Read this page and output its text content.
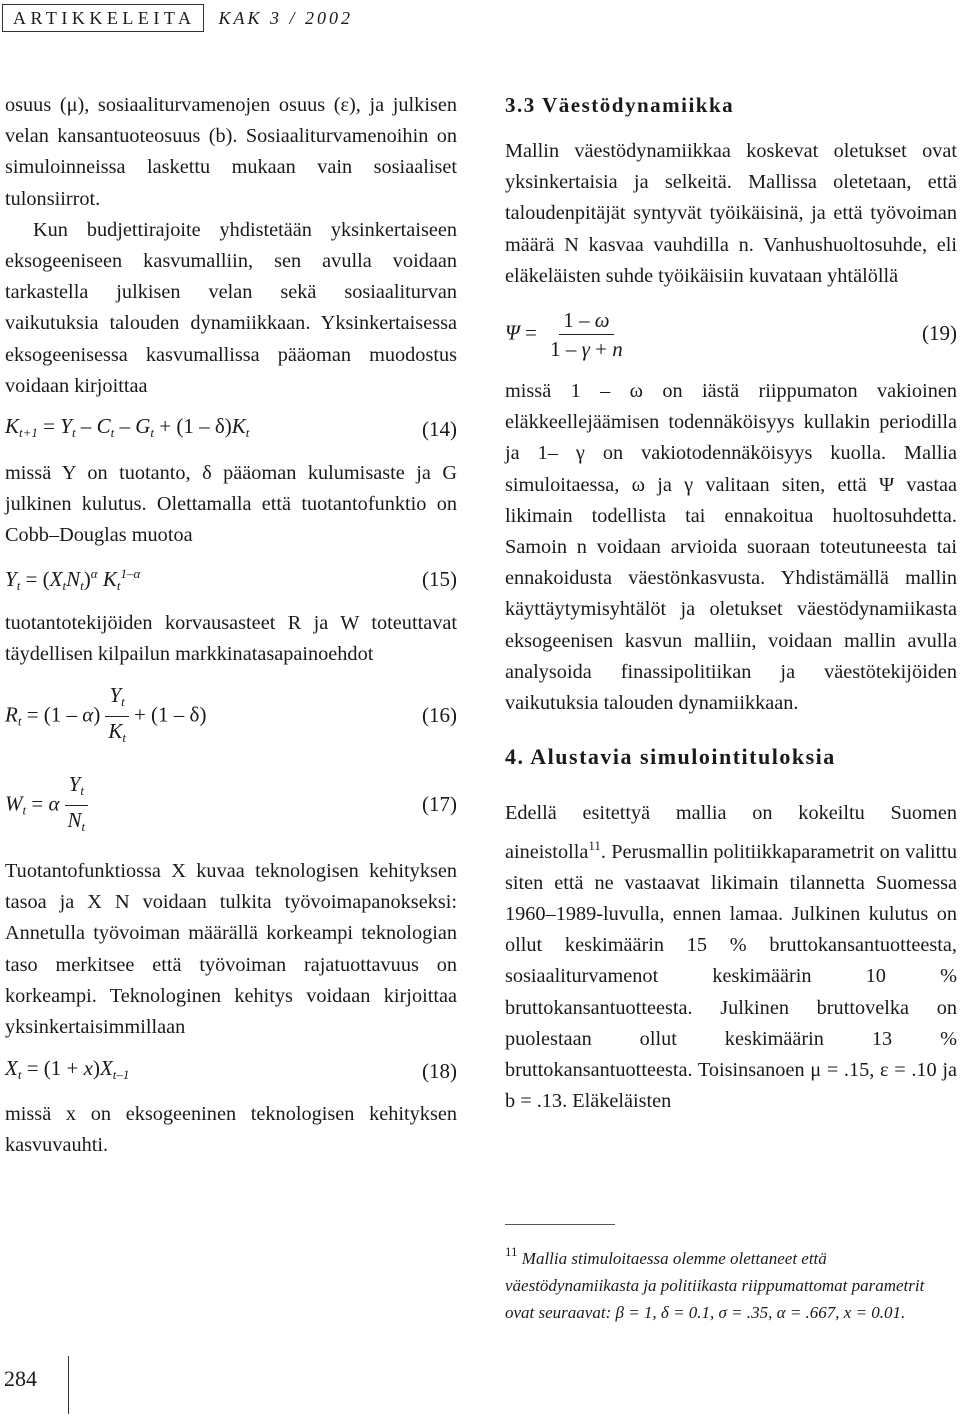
ARTIKKELEITA	KAK 3 / 2002

osuus (μ), sosiaaliturvamenojen osuus (ε), ja julkisen velan kansantuoteosuus (b). Sosiaaliturvamenoihin on simuloinneissa laskettu mukaan vain sosiaaliset tulonsiirrot.

Kun budjettirajoite yhdistetään yksinkertaiseen eksogeeniseen kasvumalliin, sen avulla voidaan tarkastella julkisen velan sekä sosiaaliturvan vaikutuksia talouden dynamiikkaan. Yksinkertaisessa eksogeenisessa kasvumallissa pääoman muodostus voidaan kirjoittaa

$K_{t+1} = Y_t - C_t - G_t + (1 - \delta)K_t$	(14)

missä Y on tuotanto, δ pääoman kulumisaste ja G julkinen kulutus. Olettamalla että tuotantofunktio on Cobb–Douglas muotoa

$Y_t = (X_tN_t)^\alpha$ $K_t^{1-\alpha}$	(15)

tuotantotekijöiden korvausasteet R ja W toteuttavat täydellisen kilpailun markkinatasapainoehdot

$R_t = (1 - \alpha) \frac{Y_t}{K_t} + (1 - \delta)$	(16)
$W_t = \alpha \frac{Y_t}{N_t}$	(17)

Tuotantofunktiossa X kuvaa teknologisen kehityksen tasoa ja X N voidaan tulkita työvoimapanokseksi: Annetulla työvoiman määrällä korkeampi teknologian taso merkitsee että työvoiman rajatuottavuus on korkeampi. Teknologinen kehitys voidaan kirjoittaa yksinkertaisimmillaan

$X_t = (1 + x)X_{t-1}$	(18)

missä x on eksogeeninen teknologisen kehityksen kasvuvauhti.

3.3 Väestödynamiikka

Mallin väestödynamiikkaa koskevat oletukset ovat yksinkertaisia ja selkeitä. Mallissa oletetaan, että taloudenpitäjät syntyvät työikäisinä, ja että työvoiman määrä N kasvaa vauhdilla n. Vanhushuoltosuhde, eli eläkeläisten suhde työikäisiin kuvataan yhtälöllä

$\Psi = \frac{1 - \omega}{1 - \gamma + n}$	(19)

missä 1 – ω on iästä riippumaton vakioinen eläkkeellejäämisen todennäköisyys kullakin periodilla ja 1– γ on vakiotodennäköisyys kuolla. Mallia simuloitaessa, ω ja γ valitaan siten, että Ψ vastaa likimain todellista tai ennakoitua huoltosuhdetta. Samoin n voidaan arvioida suoraan toteutuneesta tai ennakoidusta väestönkasvusta. Yhdistämällä mallin käyttäytymisyhtälöt ja oletukset väestödynamiikasta eksogeenisen kasvun malliin, voidaan mallin avulla analysoida finassipolitiikan ja väestötekijöiden vaikutuksia talouden dynamiikkaan.

4. Alustavia simulointituloksia

Edellä esitettyä mallia on kokeiltu Suomen aineistolla$^{11}$. Perusmallin politiikkaparametrit on valittu siten että ne vastaavat likimain tilannetta Suomessa 1960–1989-luvulla, ennen lamaa. Julkinen kulutus on ollut keskimäärin 15 % bruttokansantuotteesta, sosiaaliturvamenot keskimäärin 10 % bruttokansantuotteesta. Julkinen bruttovelka on puolestaan ollut keskimäärin 13 % bruttokansantuotteesta. Toisinsanoen μ = .15, ε = .10 ja b = .13. Eläkeläisten

$^{11}$ Mallia stimuloitaessa olemme olettaneet että väestödynamiikasta ja politiikasta riippumattomat parametrit ovat seuraavat: β = 1, δ = 0.1, σ = .35, α = .667, x = 0.01.
284
